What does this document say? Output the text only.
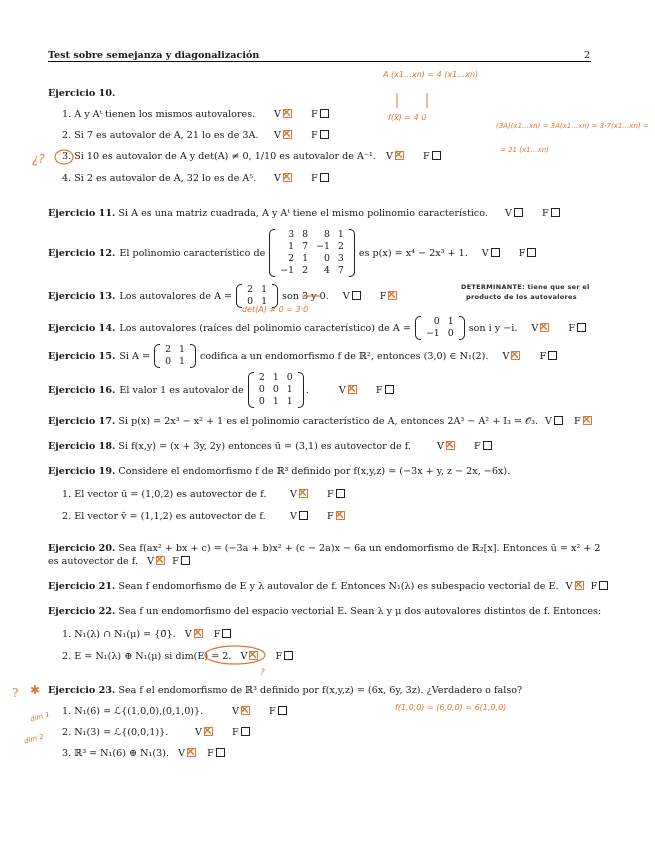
Test sobre semejanza y diagonalización	2
Ejercicio 10.
1. A y Aᵗ tienen los mismos autovalores. V	F
2. Si 7 es autovalor de A, 21 lo es de 3A. V	F
3. Si 10 es autovalor de A y det(A) ≠ 0, 1/10 es autovalor de A⁻¹. V	F
4. Si 2 es autovalor de A, 32 lo es de A⁵. V	F
Ejercicio 11. Si A es una matriz cuadrada, A y Aᵗ tiene el mismo polinomio característico. V	F
Ejercicio 12. El polinomio característico de
3	8	8	1
1	7	−1	2
2	1	0	3
−1	2	4	7
es p(x) = x⁴ − 2x³ + 1. V	F
Ejercicio 13. Los autovalores de A =
2	1
0	1 son 3 y 0. V	F
Ejercicio 14. Los autovalores (raíces del polinomio característico) de A =
0	1
−1	0 son i y −i. V	F
Ejercicio 15. Si A =
2	1
0	1 codifica a un endomorfismo f de ℝ², entonces (3,0) ∈ N₁(2). V	F
Ejercicio 16. El valor 1 es autovalor de
2	1	0
0	0	1
0	1	1
.	V	F
Ejercicio 17. Si p(x) = 2x³ − x² + 1 es el polinomio característico de A, entonces 2A³ − A² + I₃ = 𝒪₃. V F
Ejercicio 18. Si f(x,y) = (x + 3y, 2y) entonces ū = (3,1) es autovector de f.	V	F
Ejercicio 19. Considere el endomorfismo f de ℝ³ definido por f(x,y,z) = (−3x + y, z − 2x, −6x).
1. El vector ū = (1,0,2) es autovector de f. V	F
2. El vector v̄ = (1,1,2) es autovector de f.	V	F
Ejercicio 20. Sea f(ax² + bx + c) = (−3a + b)x² + (c − 2a)x − 6a un endomorfismo de ℝ₂[x]. Entonces ū = x² + 2
es autovector de f. V F
Ejercicio 21. Sean f endomorfismo de E y λ autovalor de f. Entonces N₁(λ) es subespacio vectorial de E. V F
Ejercicio 22. Sea f un endomorfismo del espacio vectorial E. Sean λ y μ dos autovalores distintos de f. Entonces:
1. N₁(λ) ∩ N₁(μ) = {0̄}. V F
2. E = N₁(λ) ⊕ N₁(μ) si dim(E) = 2. V	F
Ejercicio 23. Sea f el endomorfismo de ℝ³ definido por f(x,y,z) = (6x, 6y, 3z). ¿Verdadero o falso?
1. N₁(6) = ℒ{(1,0,0),(0,1,0)}.	V	F
2. N₁(3) = ℒ{(0,0,1)}.	V	F
3. ℝ³ = N₁(6) ⊕ N₁(3). V F
A (x1…xn) = 4 (x1…xn)
f(x̄) = 4 ū
(3A)(x1…xn) = 3A(x1…xn) = 3·7(x1…xn) =
= 21 (x1…xn)
¿?
DETERMINANTE: tiene que ser el
producto de los autovalores
det(A) ≠ 0 = 3·0
f(1,0,0) = (6,0,0) = 6(1,0,0)
?
dim 1
dim 2
? ✱
